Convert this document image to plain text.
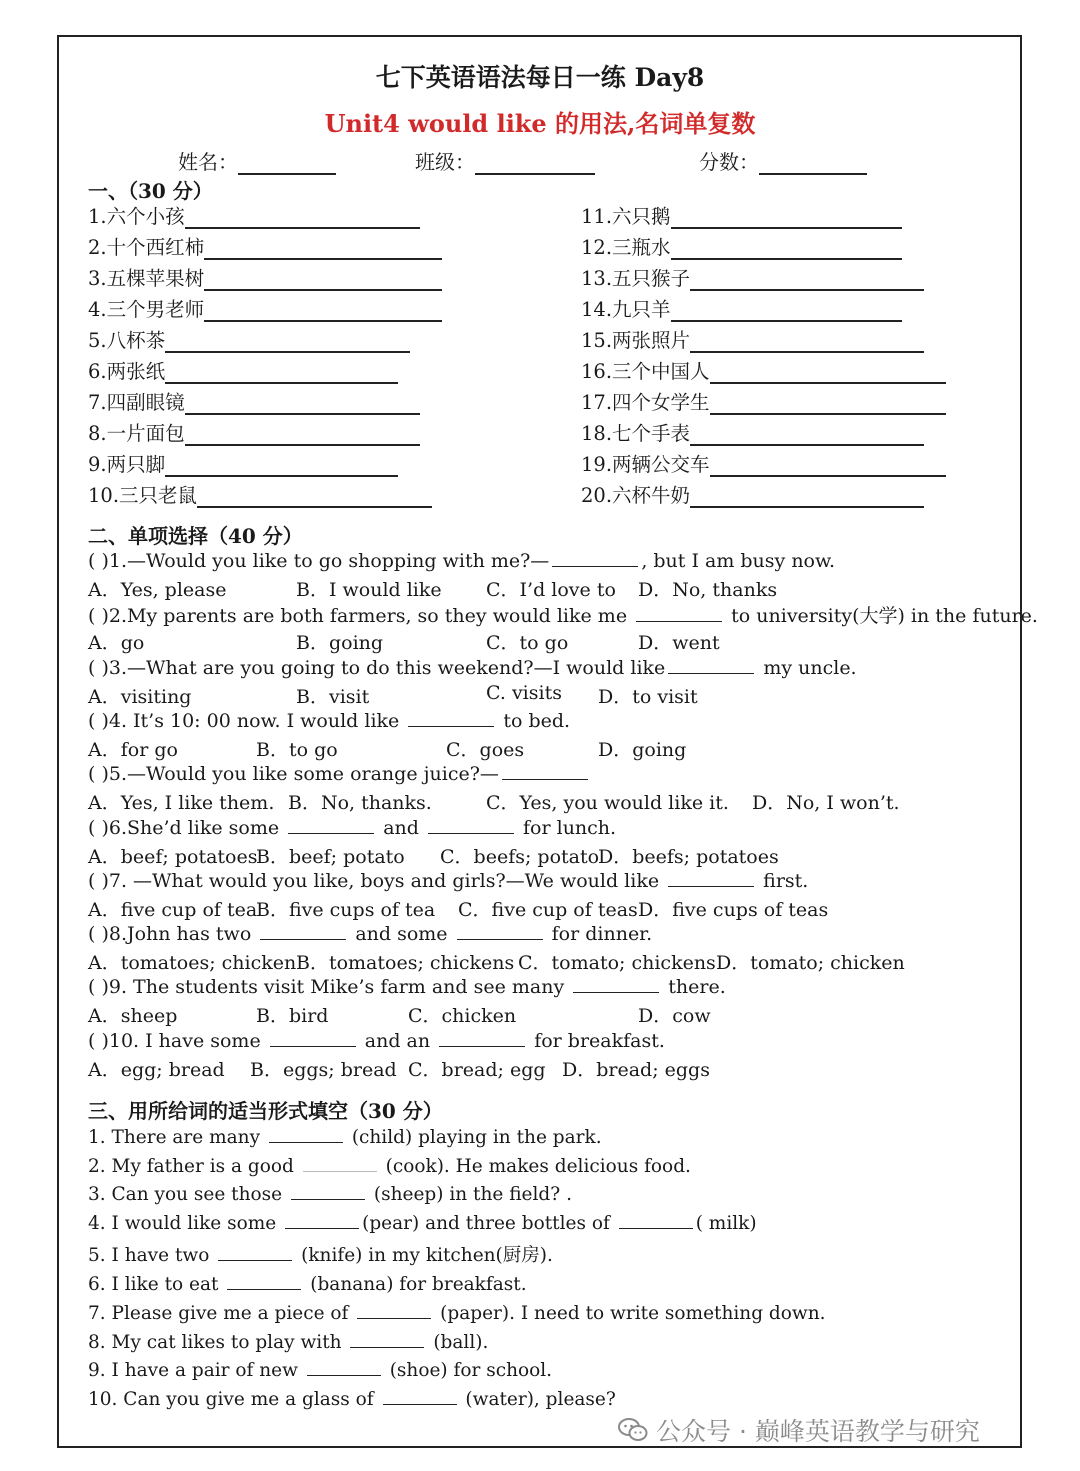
七下英语语法每日一练 Day8
Unit4 would like 的用法,名词单复数
姓名：	班级：	分数：
一、（30 分）
1.六个小孩
2.十个西红柿
3.五棵苹果树
4.三个男老师
5.八杯茶
6.两张纸
7.四副眼镜
8.一片面包
9.两只脚
10.三只老鼠
11.六只鹅
12.三瓶水
13.五只猴子
14.九只羊
15.两张照片
16.三个中国人
17.四个女学生
18.七个手表
19.两辆公交车
20.六杯牛奶
二、单项选择（40 分）
( )1.—Would you like to go shopping with me?—	, but I am busy now.
A．Yes, please	B．I would like C．I’d love to D．No, thanks
( )2.My parents are both farmers, so they would like me	to university(大学) in the future.
A．go	B．going	C．to go	D．went
( )3.—What are you going to do this weekend?—I would like	my uncle.
A．visiting	B．visit	C. visits D．to visit
( )4. It’s 10: 00 now. I would like	to bed.
A．for go	B．to go	C．goes	D．going
( )5.—Would you like some orange juice?—
A．Yes, I like them. B．No, thanks.	C．Yes, you would like it. D．No, I won’t.
( )6.She’d like some	and	for lunch.
A．beef; potatoes
B．beef; potato C．beefs; potato
D．beefs; potatoes
( )7. —What would you like, boys and girls?—We would like	first.
A．five cup of tea
B．five cups of tea C．five cup of teas D．five cups of teas
( )8.John has two	and some	for dinner.
A．tomatoes; chicken B．tomatoes; chickens C．tomato; chickens D．tomato; chicken
( )9. The students visit Mike’s farm and see many	there.
A．sheep	B．bird	C．chicken	D．cow
( )10. I have some	and an	for breakfast.
A．egg; bread B．eggs; bread C．bread; egg D．bread; eggs
三、用所给词的适当形式填空（30 分）
1. There are many	(child) playing in the park.
2. My father is a good	(cook). He makes delicious food.
3. Can you see those	(sheep) in the field? .
4. I would like some	(pear) and three bottles of	( milk)
5. I have two	(knife) in my kitchen(厨房).
6. I like to eat	(banana) for breakfast.
7. Please give me a piece of	(paper). I need to write something down.
8. My cat likes to play with	(ball).
9. I have a pair of new	(shoe) for school.
10. Can you give me a glass of	(water), please?
公众号 · 巅峰英语教学与研究
